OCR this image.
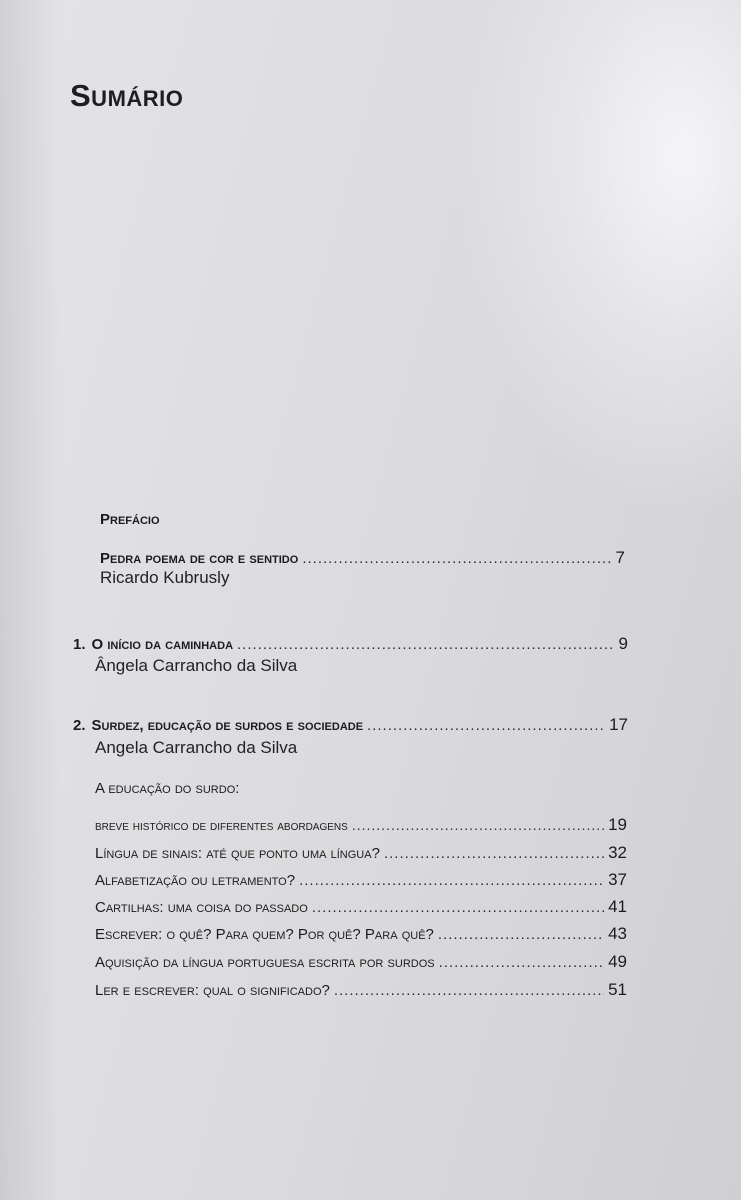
Sumário
Prefácio
Pedra poema de cor e sentido .....	7
Ricardo Kubrusly
1. O início da caminhada .....	9
Ângela Carrancho da Silva
2. Surdez, educação de surdos e sociedade .....	17
Angela Carrancho da Silva
A educação do surdo:
breve histórico de diferentes abordagens .....	19
Língua de sinais: até que ponto uma língua? .....	32
Alfabetização ou letramento? .....	37
Cartilhas: uma coisa do passado .....	41
Escrever: o quê? Para quem? Por quê? Para quê? .....	43
Aquisição da língua portuguesa escrita por surdos .....	49
Ler e escrever: qual o significado? .....	51
